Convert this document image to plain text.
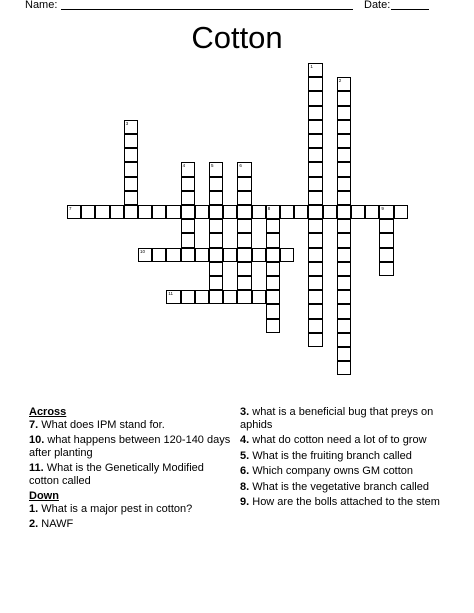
Name:	Date:
Cotton
1
2
3
4	5	6
7	8	9
10
11
Across
7. What does IPM stand for.
10. what happens between 120-140 days after planting
11. What is the Genetically Modified cotton called
Down
1. What is a major pest in cotton?
2. NAWF
3. what is a beneficial bug that preys on aphids
4. what do cotton need a lot of to grow
5. What is the fruiting branch called
6. Which company owns GM cotton
8. What is the vegetative branch called
9. How are the bolls attached to the stem
